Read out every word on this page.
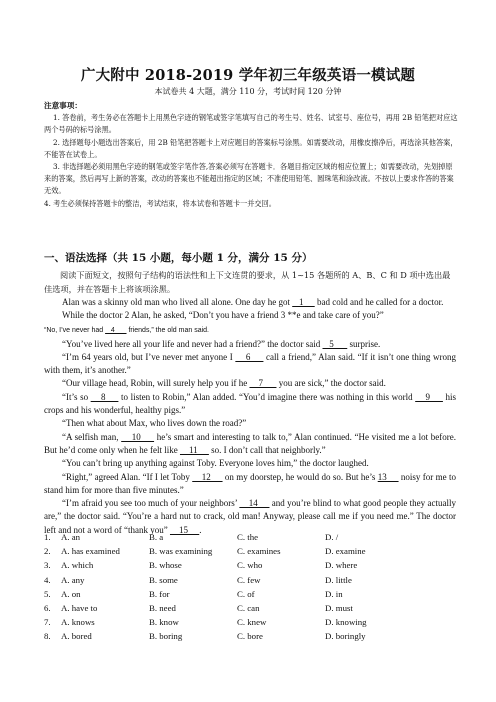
广大附中 2018-2019 学年初三年级英语一模试题
本试卷共 4 大题，满分 110 分，考试时间 120 分钟
注意事项：

1. 答卷前，考生务必在答题卡上用黑色字迹的钢笔或签字笔填写自己的考生号、姓名、试室号、座位号，再用 2B 铅笔把对应这两个号码的标号涂黑。

2. 选择题每小题选出答案后，用 2B 铅笔把答题卡上对应题目的答案标号涂黑。如需要改动，用橡皮擦净后，再选涂其他答案，不能答在试卷上。

3. 非选择题必须用黑色字迹的钢笔或签字笔作答,答案必须写在答题卡．各题目指定区域的相应位置上；如需要改动，先划掉原来的答案，然后再写上新的答案，改动的答案也不能超出指定的区域；不准使用铅笔、圆珠笔和涂改液。不按以上要求作答的答案无效。

4. 考生必须保持答题卡的整洁，考试结束，将本试卷和答题卡一并交回。

一、语法选择（共 15 小题，每小题 1 分，满分 15 分）
阅读下面短文，按照句子结构的语法性和上下文连贯的要求，从 1~15 各题所的 A、B、C 和 D 项中选出最佳选项，并在答题卡上将该项涂黑。

Alan was a skinny old man who lived all alone. One day he got    1      bad cold and he called for a doctor.

While the doctor 2 Alan, he asked, “Don’t you have a friend 3 **e and take care of you?”

“No, I’ve never had    4       friends,” the old man said.

“You’ve lived here all your life and never had a friend?” the doctor said    5       surprise.

“I’m 64 years old, but I’ve never met anyone I     6      call a friend,” Alan said. “If it isn’t one thing wrong with them, it’s another.”

“Our village head, Robin, will surely help you if he     7       you are sick,” the doctor said.

“It’s so     8      to listen to Robin,” Alan added. “You’d imagine there was nothing in this world     9      his crops and his wonderful, healthy pigs.”

“Then what about Max, who lives down the road?”

“A selfish man,     10      he’s smart and interesting to talk to,” Alan continued. “He visited me a lot before. But he’d come only when he felt like     11      so. I don’t call that neighborly.”

“You can’t bring up anything against Toby. Everyone loves him,” the doctor laughed.

“Right,” agreed Alan. “If I let Toby     12      on my doorstep, he would do so. But he’s 13      noisy for me to stand him for more than five minutes.”

“I’m afraid you see too much of your neighbors’     14      and you’re blind to what good people they actually are,” the doctor said. “You’re a hard nut to crack, old man! Anyway, please call me if you need me.” The doctor left and not a word of “thank you”     15     .

1.	A. an	B. a	C. the	D. /
2.	A. has examined	B. was examining	C. examines	D. examine
3.	A. which	B. whose	C. who	D. where
4.	A. any	B. some	C. few	D. little
5.	A. on	B. for	C. of	D. in
6.	A. have to	B. need	C. can	D. must
7.	A. knows	B. know	C. knew	D. knowing
8.	A. bored	B. boring	C. bore	D. boringly
